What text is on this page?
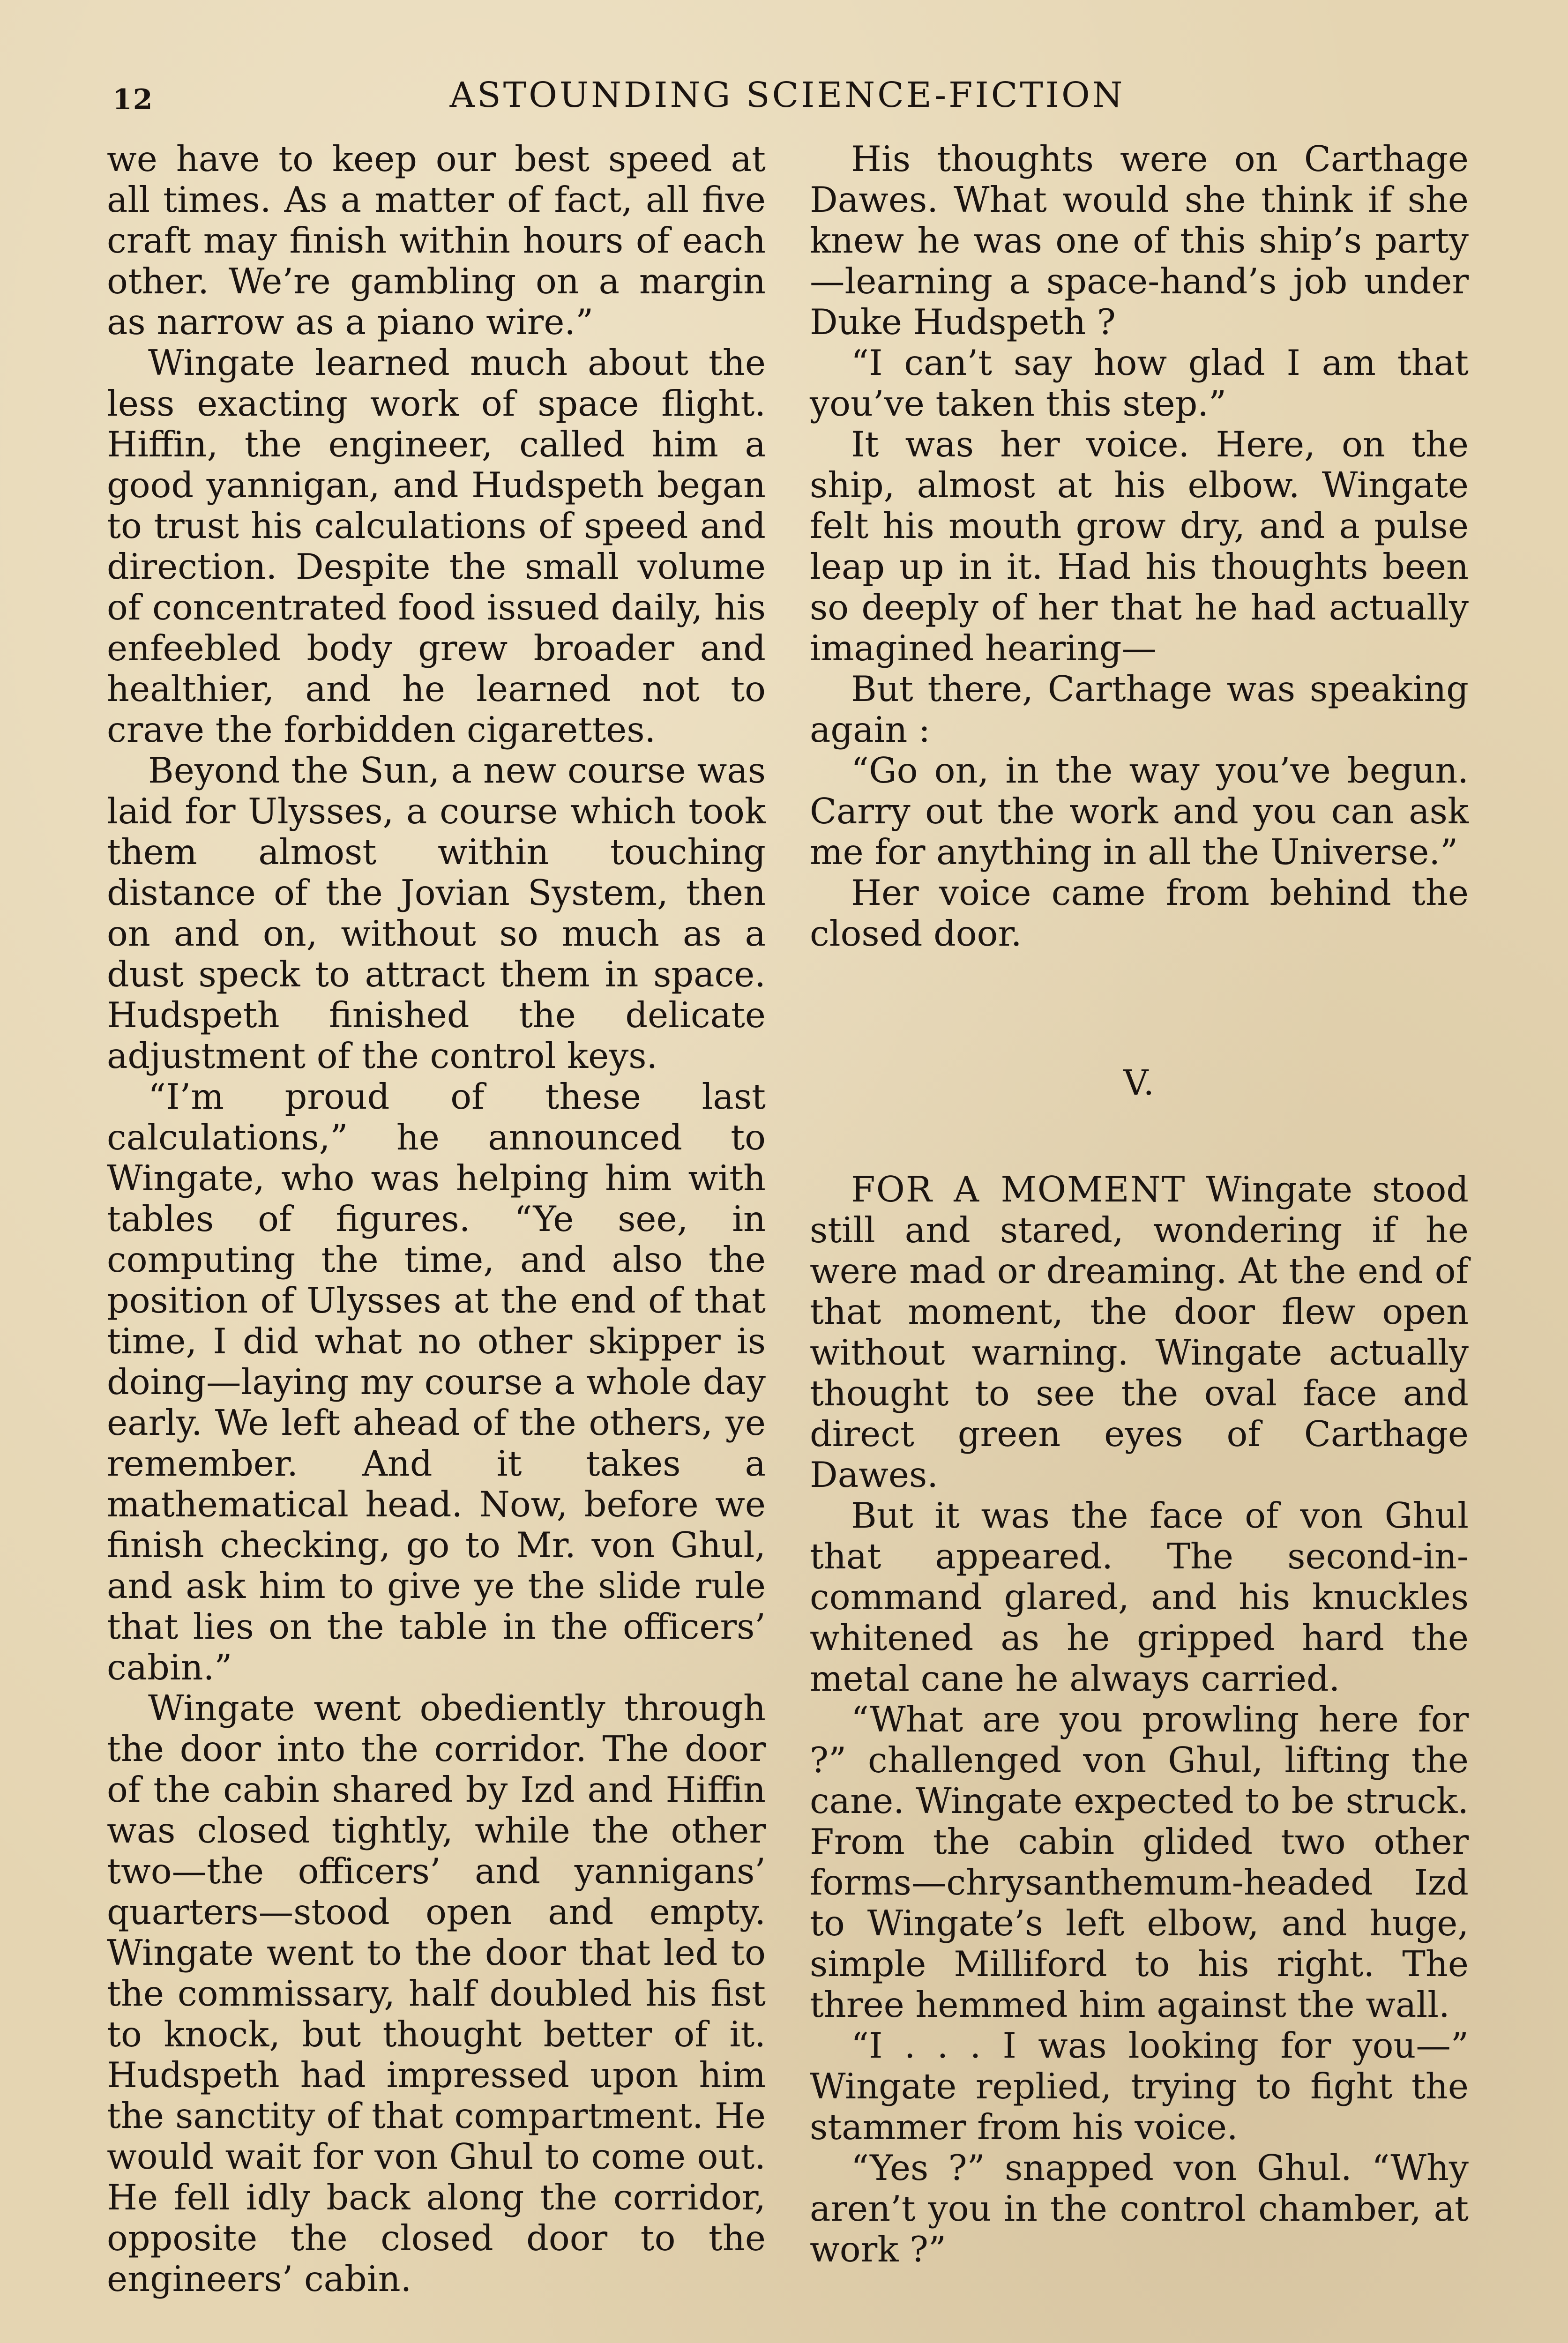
12	ASTOUNDING SCIENCE-FICTION

we have to keep our best speed at all times. As a matter of fact, all five craft may finish within hours of each other. We’re gambling on a margin as narrow as a piano wire.”

Wingate learned much about the less exacting work of space flight. Hiffin, the engineer, called him a good yannigan, and Hudspeth began to trust his calculations of speed and direction. Despite the small volume of concentrated food issued daily, his enfeebled body grew broader and healthier, and he learned not to crave the forbidden cigarettes.

Beyond the Sun, a new course was laid for Ulysses, a course which took them almost within touching distance of the Jovian System, then on and on, without so much as a dust speck to attract them in space. Hudspeth finished the delicate adjustment of the control keys.

“I’m proud of these last calculations,” he announced to Wingate, who was helping him with tables of figures. “Ye see, in computing the time, and also the position of Ulysses at the end of that time, I did what no other skipper is doing—laying my course a whole day early. We left ahead of the others, ye remember. And it takes a mathematical head. Now, before we finish checking, go to Mr. von Ghul, and ask him to give ye the slide rule that lies on the table in the officers’ cabin.”

Wingate went obediently through the door into the corridor. The door of the cabin shared by Izd and Hiffin was closed tightly, while the other two—the officers’ and yannigans’ quarters—stood open and empty. Wingate went to the door that led to the commissary, half doubled his fist to knock, but thought better of it. Hudspeth had impressed upon him the sanctity of that compartment. He would wait for von Ghul to come out. He fell idly back along the corridor, opposite the closed door to the engineers’ cabin.

His thoughts were on Carthage Dawes. What would she think if she knew he was one of this ship’s party —learning a space-hand’s job under Duke Hudspeth ?

“I can’t say how glad I am that you’ve taken this step.”

It was her voice. Here, on the ship, almost at his elbow. Wingate felt his mouth grow dry, and a pulse leap up in it. Had his thoughts been so deeply of her that he had actually imagined hearing—

But there, Carthage was speaking again :

“Go on, in the way you’ve begun. Carry out the work and you can ask me for anything in all the Universe.”

Her voice came from behind the closed door.

V.

FOR A MOMENT Wingate stood still and stared, wondering if he were mad or dreaming. At the end of that moment, the door flew open without warning. Wingate actually thought to see the oval face and direct green eyes of Carthage Dawes.

But it was the face of von Ghul that appeared. The second-in-command glared, and his knuckles whitened as he gripped hard the metal cane he always carried.

“What are you prowling here for ?” challenged von Ghul, lifting the cane. Wingate expected to be struck. From the cabin glided two other forms—chrysanthemum-headed Izd to Wingate’s left elbow, and huge, simple Milliford to his right. The three hemmed him against the wall.

“I . . . I was looking for you—” Wingate replied, trying to fight the stammer from his voice.

“Yes ?” snapped von Ghul. “Why aren’t you in the control chamber, at work ?”
